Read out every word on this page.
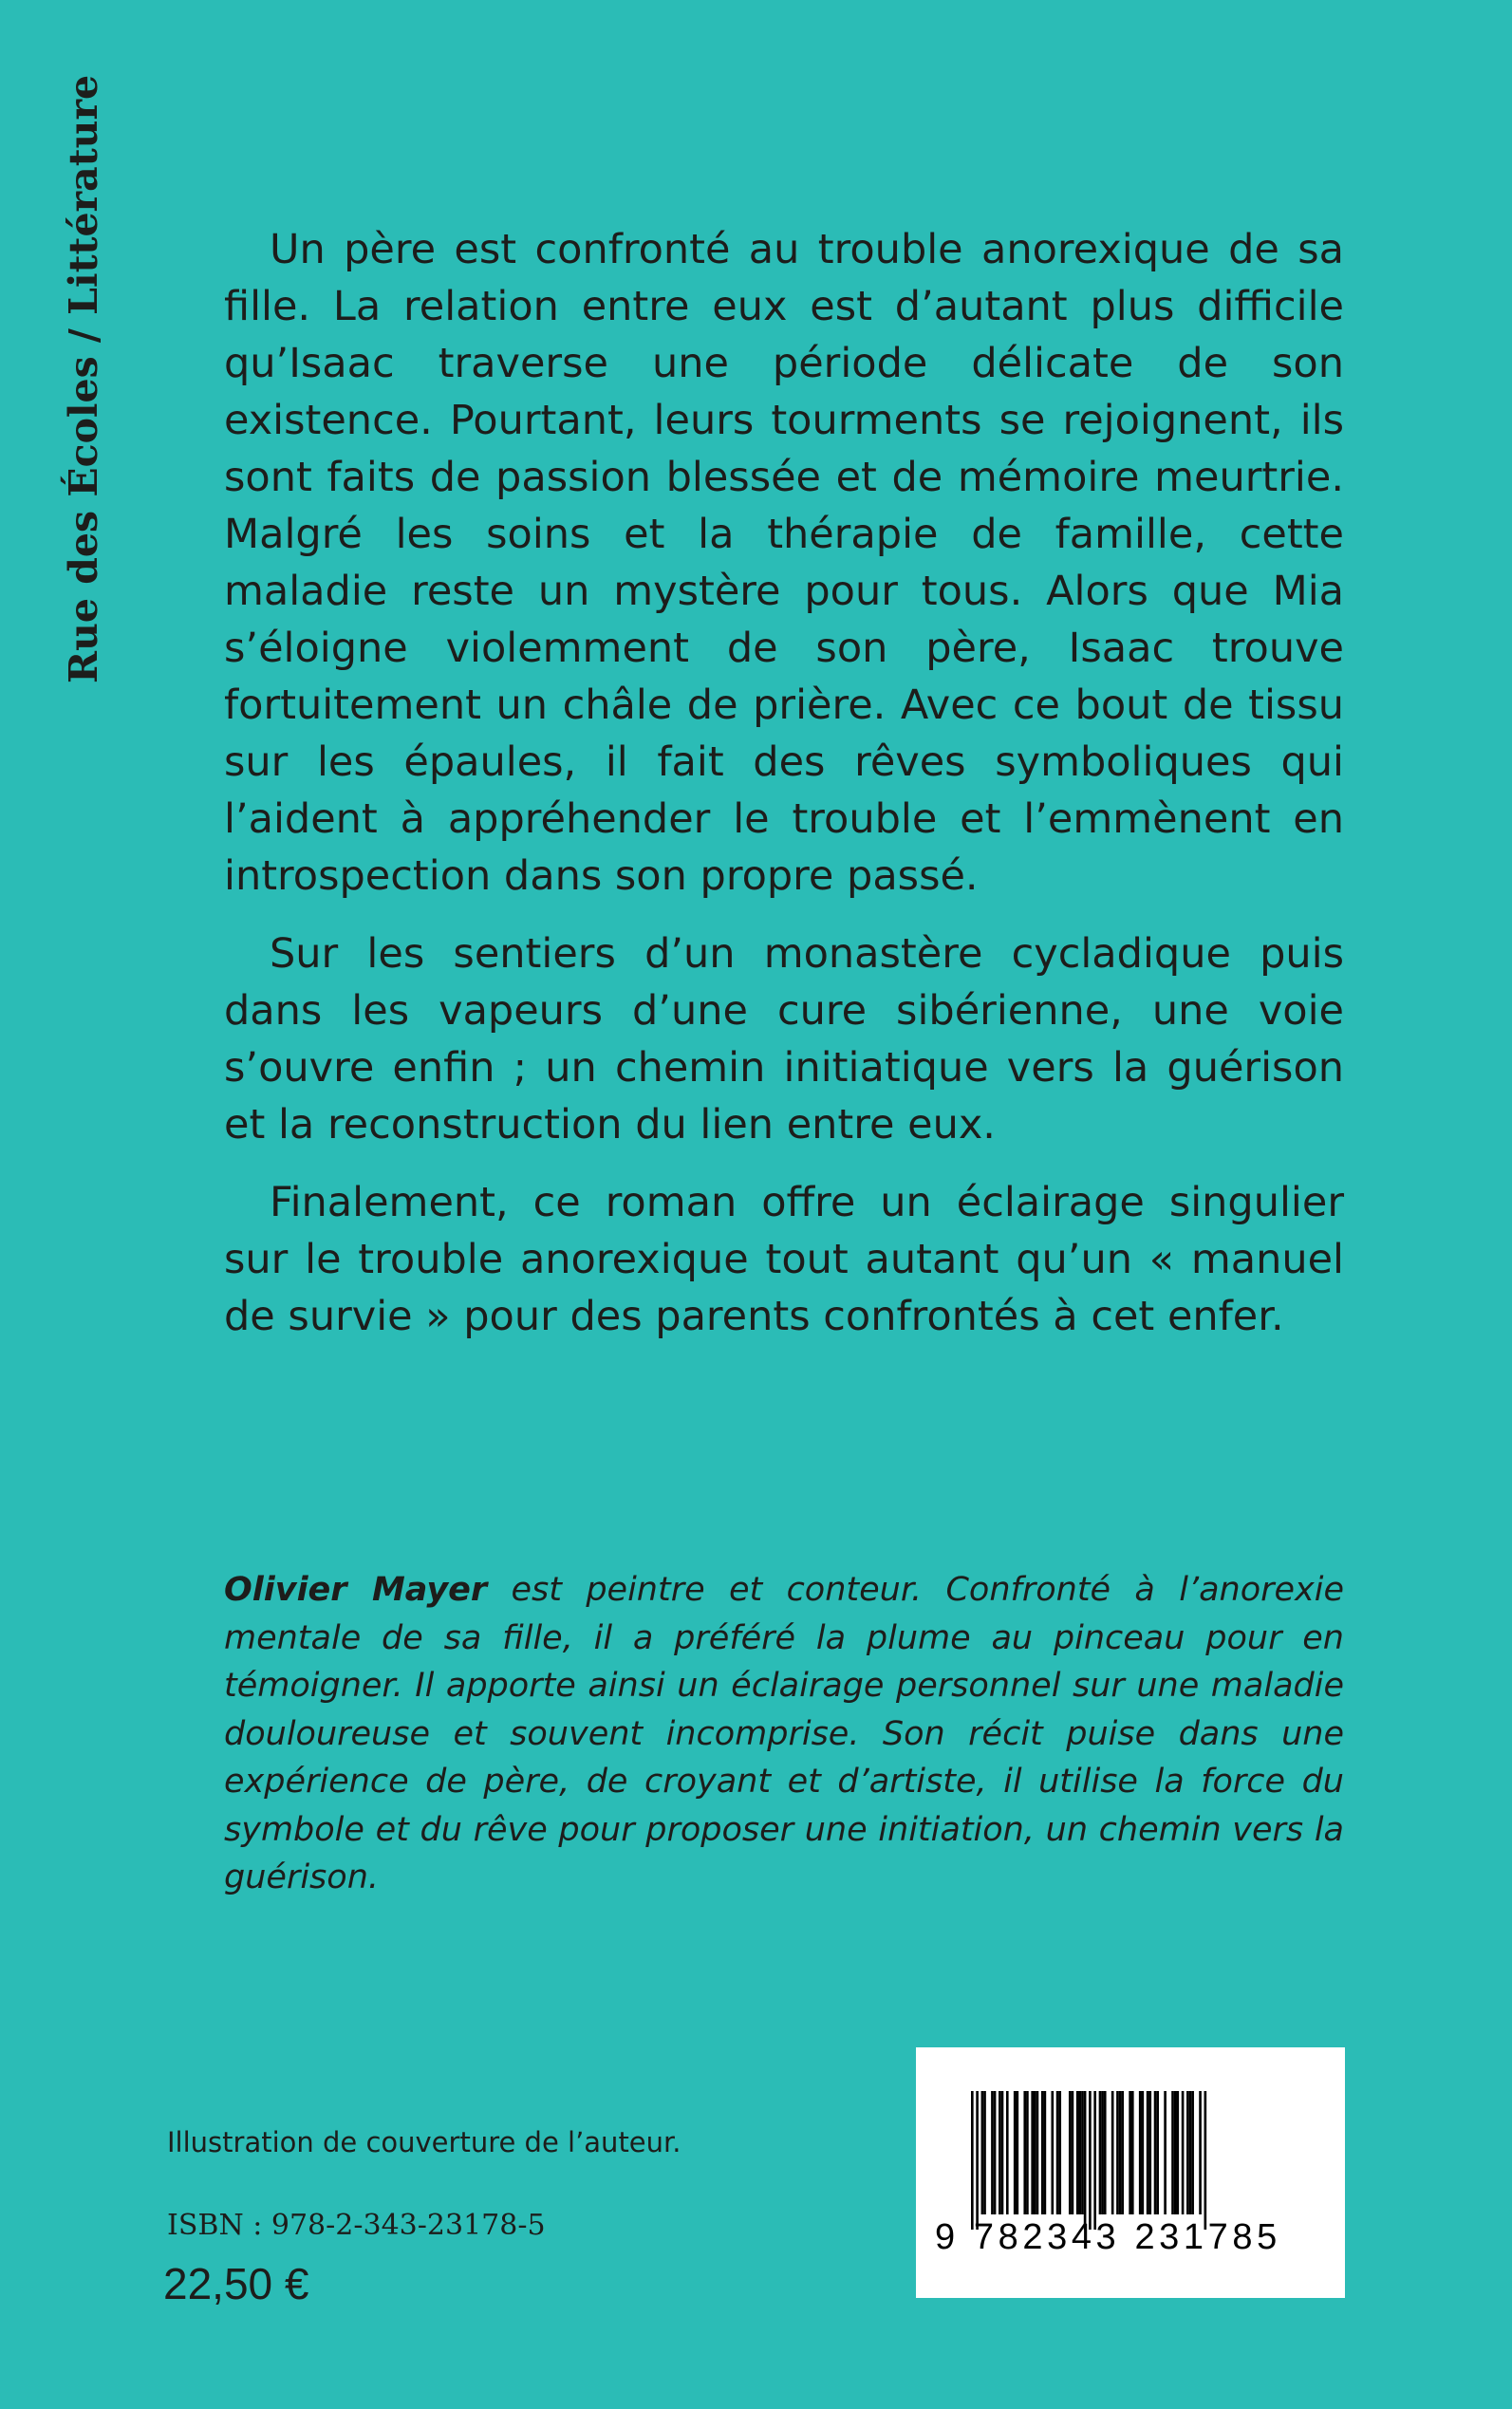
Rue des Écoles / Littérature	Un père est confronté au trouble anorexique de sa fille. La relation entre eux est d’autant plus difficile qu’Isaac traverse une période délicate de son existence. Pourtant, leurs tourments se rejoignent, ils sont faits de passion blessée et de mémoire meurtrie. Malgré les soins et la thérapie de famille, cette maladie reste un mystère pour tous. Alors que Mia s’éloigne violemment de son père, Isaac trouve fortuitement un châle de prière. Avec ce bout de tissu sur les épaules, il fait des rêves symboliques qui l’aident à appréhender le trouble et l’emmènent en introspection dans son propre passé.

Sur les sentiers d’un monastère cycladique puis dans les vapeurs d’une cure sibérienne, une voie s’ouvre enfin ; un chemin initiatique vers la guérison et la reconstruction du lien entre eux.

Finalement, ce roman offre un éclairage singulier sur le trouble anorexique tout autant qu’un « manuel de survie » pour des parents confrontés à cet enfer.

Olivier Mayer est peintre et conteur. Confronté à l’anorexie mentale de sa fille, il a préféré la plume au pinceau pour en témoigner. Il apporte ainsi un éclairage personnel sur une maladie douloureuse et souvent incomprise. Son récit puise dans une expérience de père, de croyant et d’artiste, il utilise la force du symbole et du rêve pour proposer une initiation, un chemin vers la guérison.
Illustration de couverture de l’auteur.
ISBN : 978-2-343-23178-5
22,50 €
9 782343 231785
